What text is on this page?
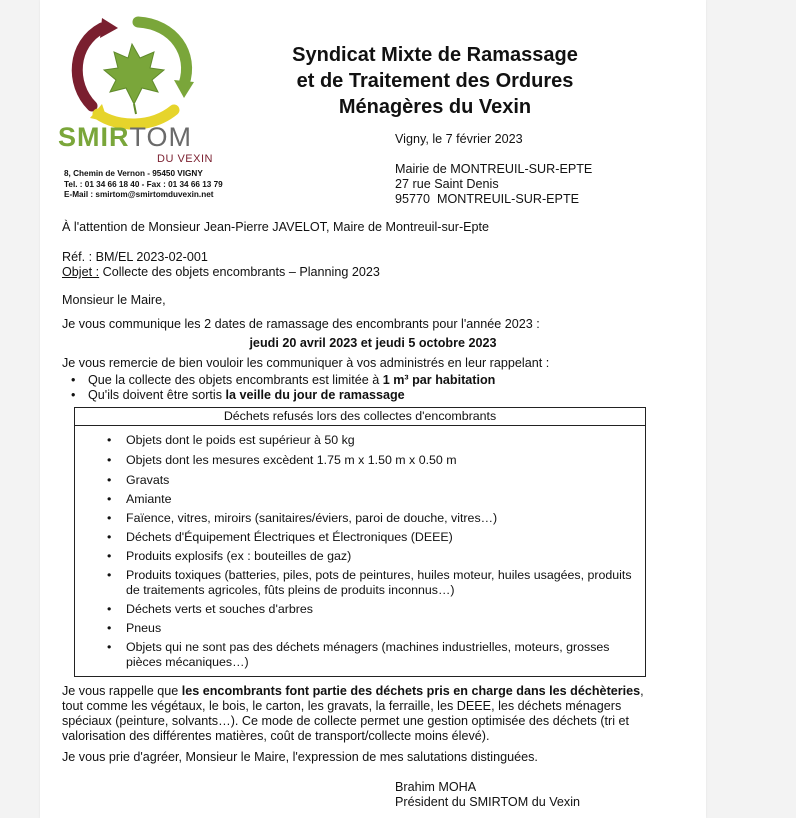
SMIRTOM
DU VEXIN
8, Chemin de Vernon - 95450 VIGNY
Tel. : 01 34 66 18 40 - Fax : 01 34 66 13 79
E-Mail : smirtom@smirtomduvexin.net
Syndicat Mixte de Ramassage
et de Traitement des Ordures
Ménagères du Vexin
Vigny, le 7 février 2023
Mairie de MONTREUIL-SUR-EPTE
27 rue Saint Denis
95770  MONTREUIL-SUR-EPTE
À l'attention de Monsieur Jean-Pierre JAVELOT, Maire de Montreuil-sur-Epte
Réf. : BM/EL 2023-02-001
Objet : Collecte des objets encombrants – Planning 2023
Monsieur le Maire,
Je vous communique les 2 dates de ramassage des encombrants pour l'année 2023 :
jeudi 20 avril 2023 et jeudi 5 octobre 2023
Je vous remercie de bien vouloir les communiquer à vos administrés en leur rappelant :
• Que la collecte des objets encombrants est limitée à 1 m³ par habitation
• Qu'ils doivent être sortis la veille du jour de ramassage
Déchets refusés lors des collectes d'encombrants
• Objets dont le poids est supérieur à 50 kg
• Objets dont les mesures excèdent 1.75 m x 1.50 m x 0.50 m
• Gravats
• Amiante
• Faïence, vitres, miroirs (sanitaires/éviers, paroi de douche, vitres…)
• Déchets d'Équipement Électriques et Électroniques (DEEE)
• Produits explosifs (ex : bouteilles de gaz)
• Produits toxiques (batteries, piles, pots de peintures, huiles moteur, huiles usagées, produits de traitements agricoles, fûts pleins de produits inconnus…)
• Déchets verts et souches d'arbres
• Pneus
• Objets qui ne sont pas des déchets ménagers (machines industrielles, moteurs, grosses pièces mécaniques…)
Je vous rappelle que les encombrants font partie des déchets pris en charge dans les déchèteries, tout comme les végétaux, le bois, le carton, les gravats, la ferraille, les DEEE, les déchets ménagers spéciaux (peinture, solvants…). Ce mode de collecte permet une gestion optimisée des déchets (tri et valorisation des différentes matières, coût de transport/collecte moins élevé).
Je vous prie d'agréer, Monsieur le Maire, l'expression de mes salutations distinguées.
Brahim MOHA
Président du SMIRTOM du Vexin
